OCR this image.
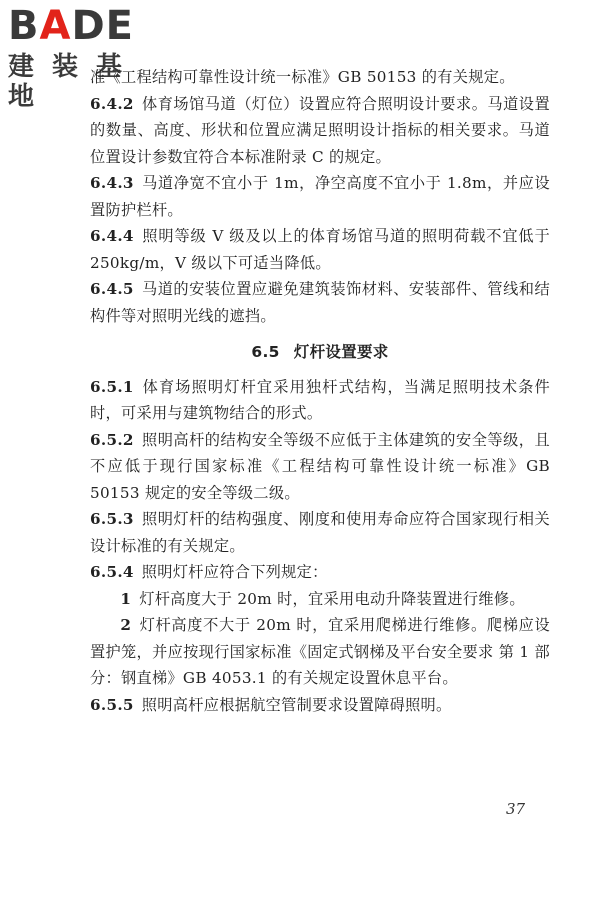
BADE
建装基地

准《工程结构可靠性设计统一标准》GB 50153 的有关规定。

6.4.2 体育场馆马道（灯位）设置应符合照明设计要求。马道设置的数量、高度、形状和位置应满足照明设计指标的相关要求。马道位置设计参数宜符合本标准附录 C 的规定。

6.4.3 马道净宽不宜小于 1m，净空高度不宜小于 1.8m，并应设置防护栏杆。

6.4.4 照明等级 V 级及以上的体育场馆马道的照明荷载不宜低于 250kg/m，V 级以下可适当降低。

6.4.5 马道的安装位置应避免建筑装饰材料、安装部件、管线和结构件等对照明光线的遮挡。

6.5 灯杆设置要求

6.5.1 体育场照明灯杆宜采用独杆式结构，当满足照明技术条件时，可采用与建筑物结合的形式。

6.5.2 照明高杆的结构安全等级不应低于主体建筑的安全等级，且不应低于现行国家标准《工程结构可靠性设计统一标准》GB 50153 规定的安全等级二级。

6.5.3 照明灯杆的结构强度、刚度和使用寿命应符合国家现行相关设计标准的有关规定。

6.5.4 照明灯杆应符合下列规定：

1 灯杆高度大于 20m 时，宜采用电动升降装置进行维修。

2 灯杆高度不大于 20m 时，宜采用爬梯进行维修。爬梯应设置护笼，并应按现行国家标准《固定式钢梯及平台安全要求 第 1 部分：钢直梯》GB 4053.1 的有关规定设置休息平台。

6.5.5 照明高杆应根据航空管制要求设置障碍照明。

37
